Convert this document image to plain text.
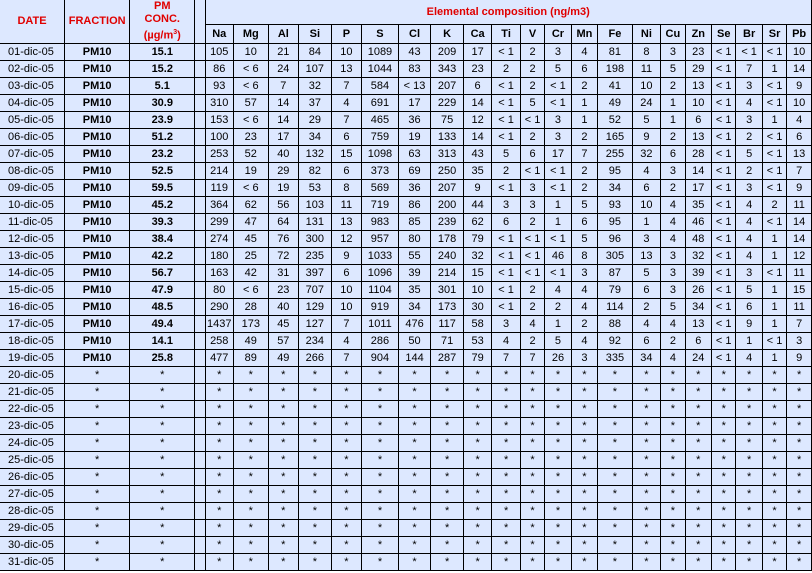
DATE	FRACTION	PM
CONC.
$(\mu g/m^3)$		Elemental composition (ng/m3)																				
				Na	Mg	Al	Si	P	S	Cl	K	Ca	Ti	V	Cr	Mn	Fe	Ni	Cu	Zn	Se	Br	Sr	Pb
01-dic-05	PM10	15.1		105	10	21	84	10	1089	43	209	17	< 1	2	3	4	81	8	3	23	< 1	< 1	< 1	10
02-dic-05	PM10	15.2		86	< 6	24	107	13	1044	83	343	23	2	2	5	6	198	11	5	29	< 1	7	1	14
03-dic-05	PM10	5.1		93	< 6	7	32	7	584	< 13	207	6	< 1	2	< 1	2	41	10	2	13	< 1	3	< 1	9
04-dic-05	PM10	30.9		310	57	14	37	4	691	17	229	14	< 1	5	< 1	1	49	24	1	10	< 1	4	< 1	10
05-dic-05	PM10	23.9		153	< 6	14	29	7	465	36	75	12	< 1	< 1	3	1	52	5	1	6	< 1	3	1	4
06-dic-05	PM10	51.2		100	23	17	34	6	759	19	133	14	< 1	2	3	2	165	9	2	13	< 1	2	< 1	6
07-dic-05	PM10	23.2		253	52	40	132	15	1098	63	313	43	5	6	17	7	255	32	6	28	< 1	5	< 1	13
08-dic-05	PM10	52.5		214	19	29	82	6	373	69	250	35	2	< 1	< 1	2	95	4	3	14	< 1	2	< 1	7
09-dic-05	PM10	59.5		119	< 6	19	53	8	569	36	207	9	< 1	3	< 1	2	34	6	2	17	< 1	3	< 1	9
10-dic-05	PM10	45.2		364	62	56	103	11	719	86	200	44	3	3	1	5	93	10	4	35	< 1	4	2	11
11-dic-05	PM10	39.3		299	47	64	131	13	983	85	239	62	6	2	1	6	95	1	4	46	< 1	4	< 1	14
12-dic-05	PM10	38.4		274	45	76	300	12	957	80	178	79	< 1	< 1	< 1	5	96	3	4	48	< 1	4	1	14
13-dic-05	PM10	42.2		180	25	72	235	9	1033	55	240	32	< 1	< 1	46	8	305	13	3	32	< 1	4	1	12
14-dic-05	PM10	56.7		163	42	31	397	6	1096	39	214	15	< 1	< 1	< 1	3	87	5	3	39	< 1	3	< 1	11
15-dic-05	PM10	47.9		80	< 6	23	707	10	1104	35	301	10	< 1	2	4	4	79	6	3	26	< 1	5	1	15
16-dic-05	PM10	48.5		290	28	40	129	10	919	34	173	30	< 1	2	2	4	114	2	5	34	< 1	6	1	11
17-dic-05	PM10	49.4		1437	173	45	127	7	1011	476	117	58	3	4	1	2	88	4	4	13	< 1	9	1	7
18-dic-05	PM10	14.1		258	49	57	234	4	286	50	71	53	4	2	5	4	92	6	2	6	< 1	1	< 1	3
19-dic-05	PM10	25.8		477	89	49	266	7	904	144	287	79	7	7	26	3	335	34	4	24	< 1	4	1	9
20-dic-05	*	*		*	*	*	*	*	*	*	*	*	*	*	*	*	*	*	*	*	*	*	*	*
21-dic-05	*	*		*	*	*	*	*	*	*	*	*	*	*	*	*	*	*	*	*	*	*	*	*
22-dic-05	*	*		*	*	*	*	*	*	*	*	*	*	*	*	*	*	*	*	*	*	*	*	*
23-dic-05	*	*		*	*	*	*	*	*	*	*	*	*	*	*	*	*	*	*	*	*	*	*	*
24-dic-05	*	*		*	*	*	*	*	*	*	*	*	*	*	*	*	*	*	*	*	*	*	*	*
25-dic-05	*	*		*	*	*	*	*	*	*	*	*	*	*	*	*	*	*	*	*	*	*	*	*
26-dic-05	*	*		*	*	*	*	*	*	*	*	*	*	*	*	*	*	*	*	*	*	*	*	*
27-dic-05	*	*		*	*	*	*	*	*	*	*	*	*	*	*	*	*	*	*	*	*	*	*	*
28-dic-05	*	*		*	*	*	*	*	*	*	*	*	*	*	*	*	*	*	*	*	*	*	*	*
29-dic-05	*	*		*	*	*	*	*	*	*	*	*	*	*	*	*	*	*	*	*	*	*	*	*
30-dic-05	*	*		*	*	*	*	*	*	*	*	*	*	*	*	*	*	*	*	*	*	*	*	*
31-dic-05	*	*		*	*	*	*	*	*	*	*	*	*	*	*	*	*	*	*	*	*	*	*	*
